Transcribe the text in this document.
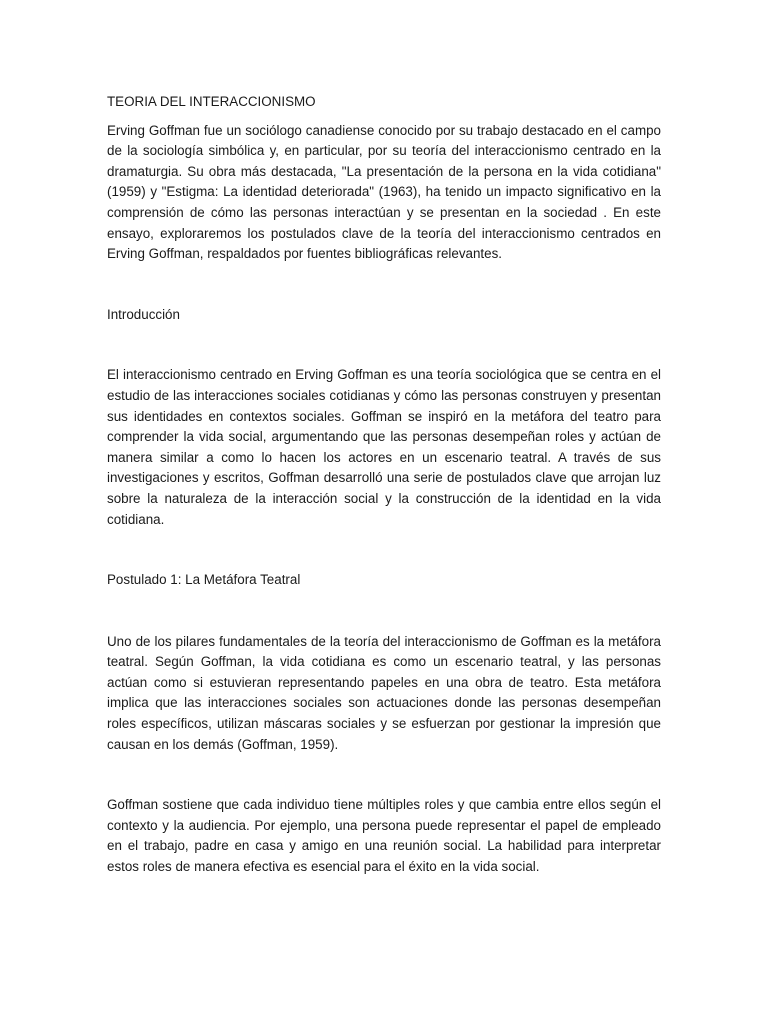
TEORIA DEL INTERACCIONISMO

Erving Goffman fue un sociólogo canadiense conocido por su trabajo destacado en el campo de la sociología simbólica y, en particular, por su teoría del interaccionismo centrado en la dramaturgia. Su obra más destacada, "La presentación de la persona en la vida cotidiana" (1959) y "Estigma: La identidad deteriorada" (1963), ha tenido un impacto significativo en la comprensión de cómo las personas interactúan y se presentan en la sociedad . En este ensayo, exploraremos los postulados clave de la teoría del interaccionismo centrados en Erving Goffman, respaldados por fuentes bibliográficas relevantes.

Introducción

El interaccionismo centrado en Erving Goffman es una teoría sociológica que se centra en el estudio de las interacciones sociales cotidianas y cómo las personas construyen y presentan sus identidades en contextos sociales. Goffman se inspiró en la metáfora del teatro para comprender la vida social, argumentando que las personas desempeñan roles y actúan de manera similar a como lo hacen los actores en un escenario teatral. A través de sus investigaciones y escritos, Goffman desarrolló una serie de postulados clave que arrojan luz sobre la naturaleza de la interacción social y la construcción de la identidad en la vida cotidiana.

Postulado 1: La Metáfora Teatral

Uno de los pilares fundamentales de la teoría del interaccionismo de Goffman es la metáfora teatral. Según Goffman, la vida cotidiana es como un escenario teatral, y las personas actúan como si estuvieran representando papeles en una obra de teatro. Esta metáfora implica que las interacciones sociales son actuaciones donde las personas desempeñan roles específicos, utilizan máscaras sociales y se esfuerzan por gestionar la impresión que causan en los demás (Goffman, 1959).

Goffman sostiene que cada individuo tiene múltiples roles y que cambia entre ellos según el contexto y la audiencia. Por ejemplo, una persona puede representar el papel de empleado en el trabajo, padre en casa y amigo en una reunión social. La habilidad para interpretar estos roles de manera efectiva es esencial para el éxito en la vida social.
